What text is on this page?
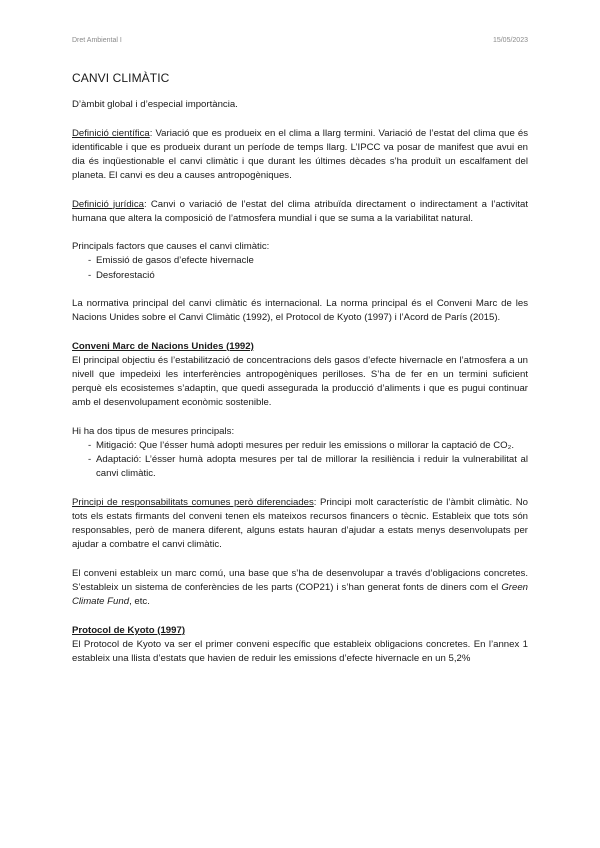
Dret Ambiental I	15/05/2023
CANVI CLIMÀTIC

D’àmbit global i d’especial importància.

Definició científica: Variació que es produeix en el clima a llarg termini. Variació de l’estat del clima que és identificable i que es produeix durant un període de temps llarg. L’IPCC va posar de manifest que avui en dia és inqüestionable el canvi climàtic i que durant les últimes dècades s’ha produït un escalfament del planeta. El canvi es deu a causes antropogèniques.

Definició jurídica: Canvi o variació de l’estat del clima atribuïda directament o indirectament a l’activitat humana que altera la composició de l’atmosfera mundial i que se suma a la variabilitat natural.

Principals factors que causes el canvi climàtic:

- Emissió de gasos d’efecte hivernacle
- Desforestació

La normativa principal del canvi climàtic és internacional. La norma principal és el Conveni Marc de les Nacions Unides sobre el Canvi Climàtic (1992), el Protocol de Kyoto (1997) i l’Acord de París (2015).

Conveni Marc de Nacions Unides (1992)

El principal objectiu és l’estabilització de concentracions dels gasos d’efecte hivernacle en l’atmosfera a un nivell que impedeixi les interferències antropogèniques perilloses. S’ha de fer en un termini suficient perquè els ecosistemes s’adaptin, que quedi assegurada la producció d’aliments i que es pugui continuar amb el desenvolupament econòmic sostenible.

Hi ha dos tipus de mesures principals:

- Mitigació: Que l’ésser humà adopti mesures per reduir les emissions o millorar la captació de CO₂.
- Adaptació: L’ésser humà adopta mesures per tal de millorar la resiliència i reduir la vulnerabilitat al canvi climàtic.

Principi de responsabilitats comunes però diferenciades: Principi molt característic de l’àmbit climàtic. No tots els estats firmants del conveni tenen els mateixos recursos financers o tècnic. Estableix que tots són responsables, però de manera diferent, alguns estats hauran d’ajudar a estats menys desenvolupats per ajudar a combatre el canvi climàtic.

El conveni estableix un marc comú, una base que s’ha de desenvolupar a través d’obligacions concretes. S’estableix un sistema de conferències de les parts (COP21) i s’han generat fonts de diners com el Green Climate Fund, etc.

Protocol de Kyoto (1997)

El Protocol de Kyoto va ser el primer conveni específic que estableix obligacions concretes. En l’annex 1 estableix una llista d’estats que havien de reduir les emissions d’efecte hivernacle en un 5,2%
